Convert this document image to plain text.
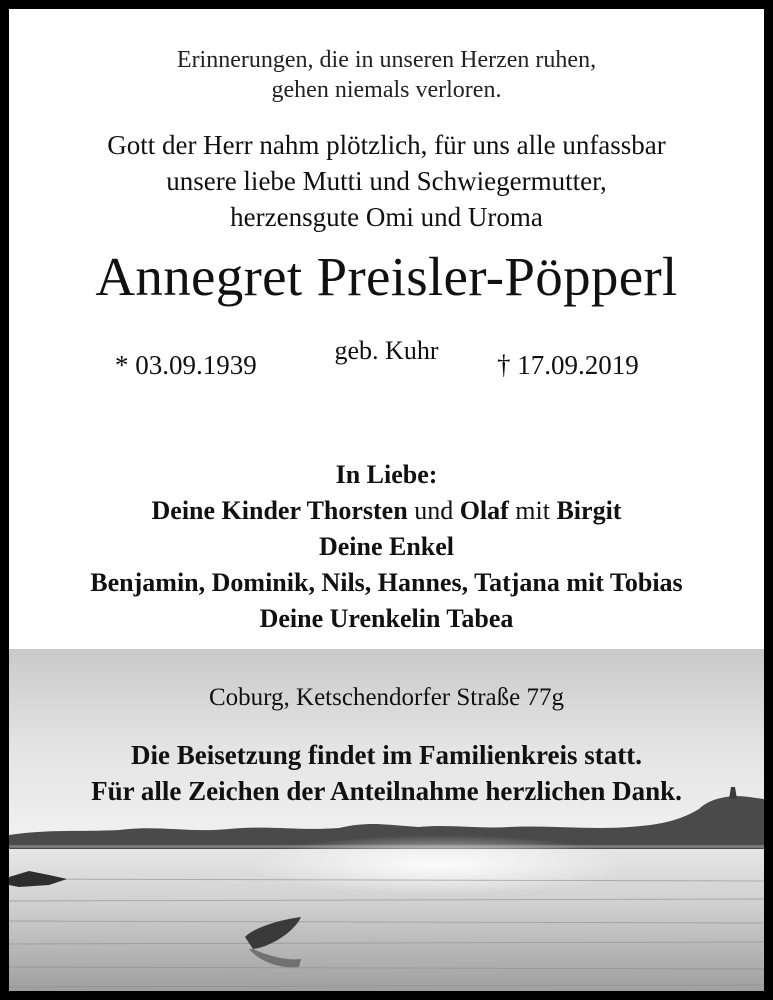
Erinnerungen, die in unseren Herzen ruhen,
gehen niemals verloren.
Gott der Herr nahm plötzlich, für uns alle unfassbar
unsere liebe Mutti und Schwiegermutter,
herzensgute Omi und Uroma
Annegret Preisler-Pöpperl
* 03.09.1939	geb. Kuhr	† 17.09.2019
In Liebe:
Deine Kinder Thorsten und Olaf mit Birgit
Deine Enkel
Benjamin, Dominik, Nils, Hannes, Tatjana mit Tobias
Deine Urenkelin Tabea
Coburg, Ketschendorfer Straße 77g
Die Beisetzung findet im Familienkreis statt.
Für alle Zeichen der Anteilnahme herzlichen Dank.
